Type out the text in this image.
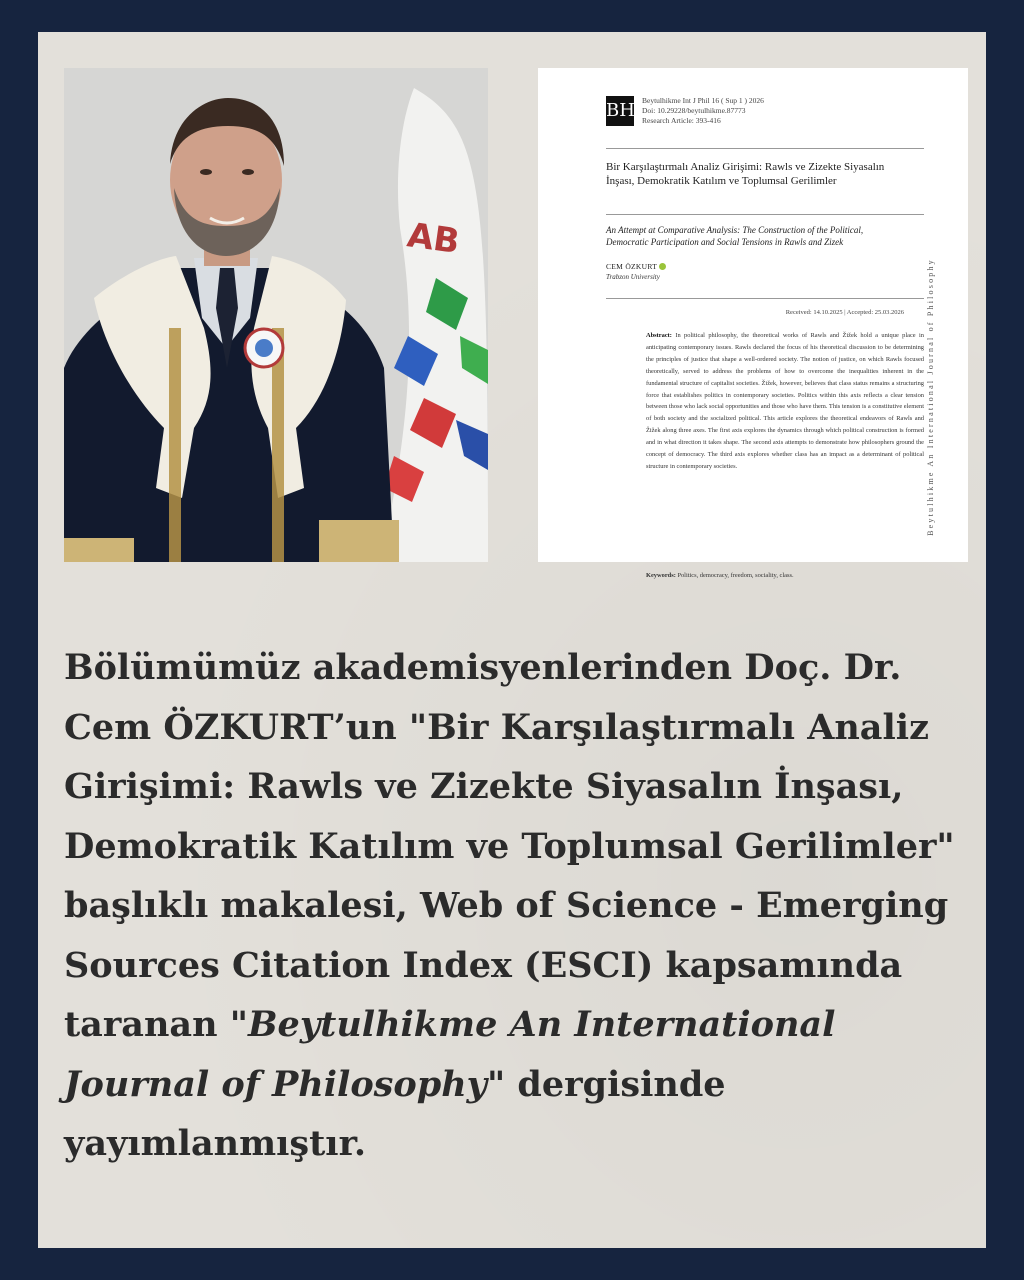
AB
BH Beytulhikme Int J Phil 16 ( Sup 1 ) 2026
Doi: 10.29228/beytulhikme.87773
Research Article: 393-416
Bir Karşılaştırmalı Analiz Girişimi: Rawls ve Zizekte Siyasalın İnşası, Demokratik Katılım ve Toplumsal Gerilimler
An Attempt at Comparative Analysis: The Construction of the Political, Democratic Participation and Social Tensions in Rawls and Zizek
CEM ÖZKURT
Trabzon University
Received: 14.10.2025 | Accepted: 25.03.2026
Abstract: In political philosophy, the theoretical works of Rawls and Žižek hold a unique place in anticipating contemporary issues. Rawls declared the focus of his theoretical discussion to be determining the principles of justice that shape a well-ordered society. The notion of justice, on which Rawls focused theoretically, served to address the problems of how to overcome the inequalities inherent in the fundamental structure of capitalist societies. Žižek, however, believes that class status remains a structuring force that establishes politics in contemporary societies. Politics within this axis reflects a clear tension between those who lack social opportunities and those who have them. This tension is a constitutive element of both society and the socialized political. This article explores the theoretical endeavors of Rawls and Žižek along three axes. The first axis explores the dynamics through which political construction is formed and in what direction it takes shape. The second axis attempts to demonstrate how philosophers ground the concept of democracy. The third axis explores whether class has an impact as a determinant of political structure in contemporary societies.
Keywords: Politics, democracy, freedom, sociality, class.
Beytulhikme An International Journal of Philosophy
Bölümümüz akademisyenlerinden Doç. Dr. Cem ÖZKURT’un "Bir Karşılaştırmalı Analiz Girişimi: Rawls ve Zizekte Siyasalın İnşası, Demokratik Katılım ve Toplumsal Gerilimler" başlıklı makalesi, Web of Science - Emerging Sources Citation Index (ESCI) kapsamında taranan "Beytulhikme An International Journal of Philosophy" dergisinde yayımlanmıştır.
